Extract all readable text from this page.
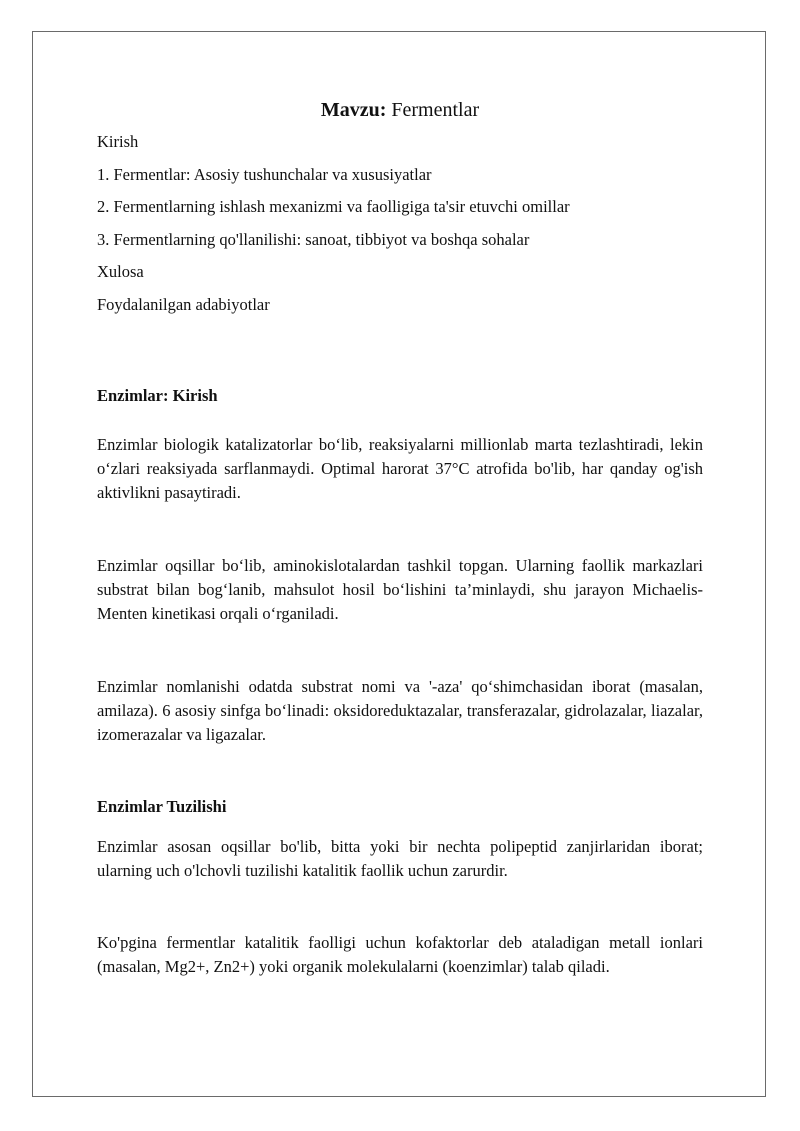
Mavzu: Fermentlar
Kirish
1. Fermentlar: Asosiy tushunchalar va xususiyatlar
2. Fermentlarning ishlash mexanizmi va faolligiga ta'sir etuvchi omillar
3. Fermentlarning qo'llanilishi: sanoat, tibbiyot va boshqa sohalar
Xulosa
Foydalanilgan adabiyotlar
Enzimlar: Kirish

Enzimlar biologik katalizatorlar bo‘lib, reaksiyalarni millionlab marta tezlashtiradi, lekin o‘zlari reaksiyada sarflanmaydi. Optimal harorat 37°C atrofida bo'lib, har qanday og'ish aktivlikni pasaytiradi.

Enzimlar oqsillar bo‘lib, aminokislotalardan tashkil topgan. Ularning faollik markazlari substrat bilan bog‘lanib, mahsulot hosil bo‘lishini ta’minlaydi, shu jarayon Michaelis-Menten kinetikasi orqali o‘rganiladi.

Enzimlar nomlanishi odatda substrat nomi va '-aza' qo‘shimchasidan iborat (masalan, amilaza). 6 asosiy sinfga bo‘linadi: oksidoreduktazalar, transferazalar, gidrolazalar, liazalar, izomerazalar va ligazalar.

Enzimlar Tuzilishi

Enzimlar asosan oqsillar bo'lib, bitta yoki bir nechta polipeptid zanjirlaridan iborat; ularning uch o'lchovli tuzilishi katalitik faollik uchun zarurdir.

Ko'pgina fermentlar katalitik faolligi uchun kofaktorlar deb ataladigan metall ionlari (masalan, Mg2+, Zn2+) yoki organik molekulalarni (koenzimlar) talab qiladi.
